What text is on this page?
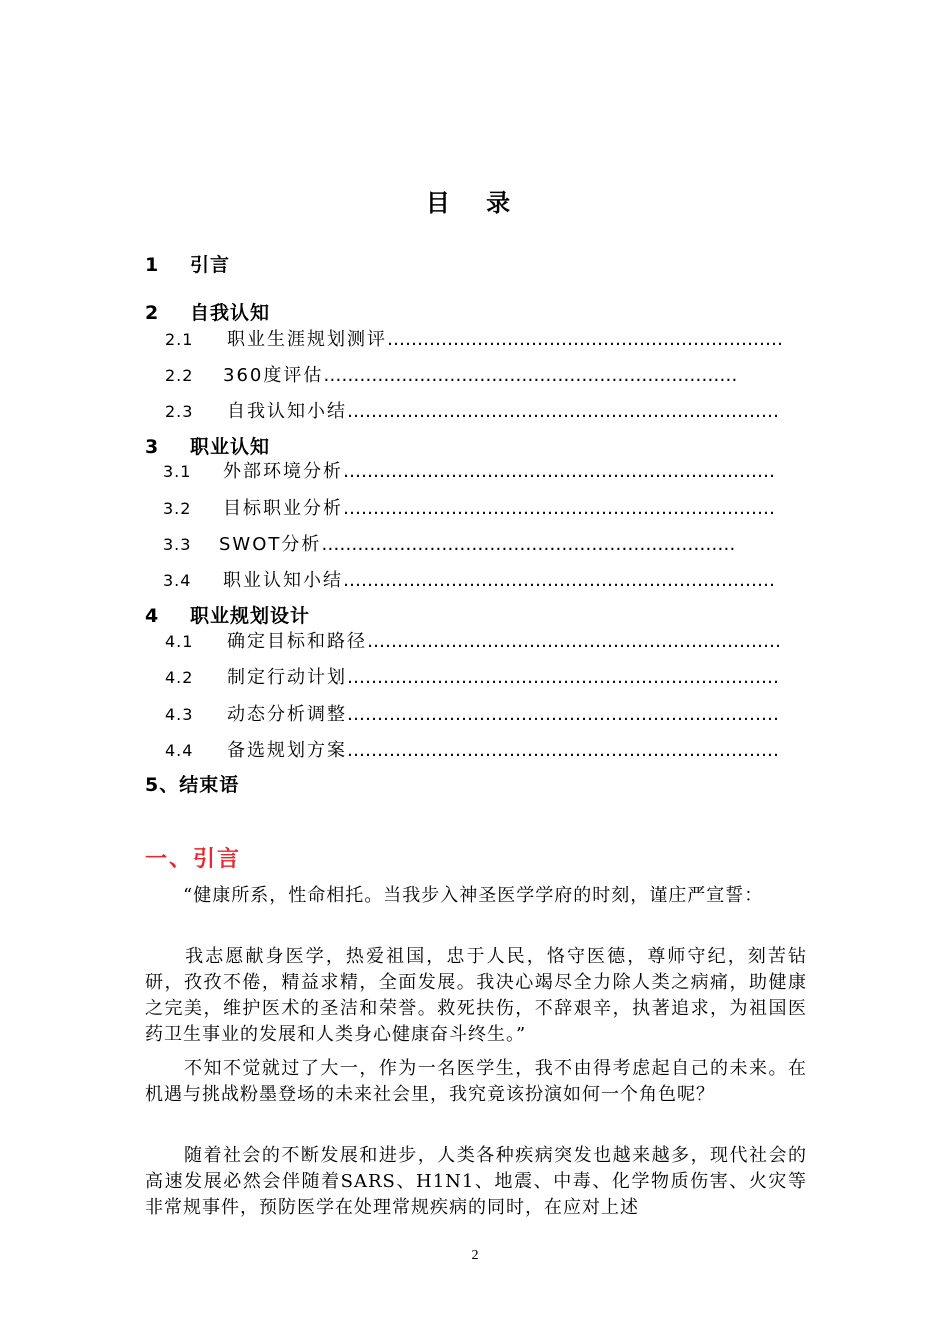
目 录
1 引言
2 自我认知
3 职业认知
4 职业规划设计
5、结束语
2.1 职业生涯规划测评…………………………………………………………
2.2 360度评估……………………………………………………………
2.3 自我认知小结………………………………………………………………
3.1 外部环境分析………………………………………………………………
3.2 目标职业分析………………………………………………………………
3.3 SWOT分析……………………………………………………………
3.4 职业认知小结………………………………………………………………
4.1 确定目标和路径……………………………………………………………
4.2 制定行动计划………………………………………………………………
4.3 动态分析调整………………………………………………………………
4.4 备选规划方案………………………………………………………………
一、引言
　　“健康所系，性命相托。当我步入神圣医学学府的时刻，谨庄严宣誓：
　　我志愿献身医学，热爱祖国，忠于人民，恪守医德，尊师守纪，刻苦钻研，孜孜不倦，精益求精，全面发展。我决心竭尽全力除人类之病痛，助健康之完美，维护医术的圣洁和荣誉。救死扶伤，不辞艰辛，执著追求，为祖国医药卫生事业的发展和人类身心健康奋斗终生。”
　　不知不觉就过了大一，作为一名医学生，我不由得考虑起自己的未来。在机遇与挑战粉墨登场的未来社会里，我究竟该扮演如何一个角色呢？
　　随着社会的不断发展和进步，人类各种疾病突发也越来越多，现代社会的高速发展必然会伴随着SARS、H1N1、地震、中毒、化学物质伤害、火灾等非常规事件，预防医学在处理常规疾病的同时，在应对上述
2
